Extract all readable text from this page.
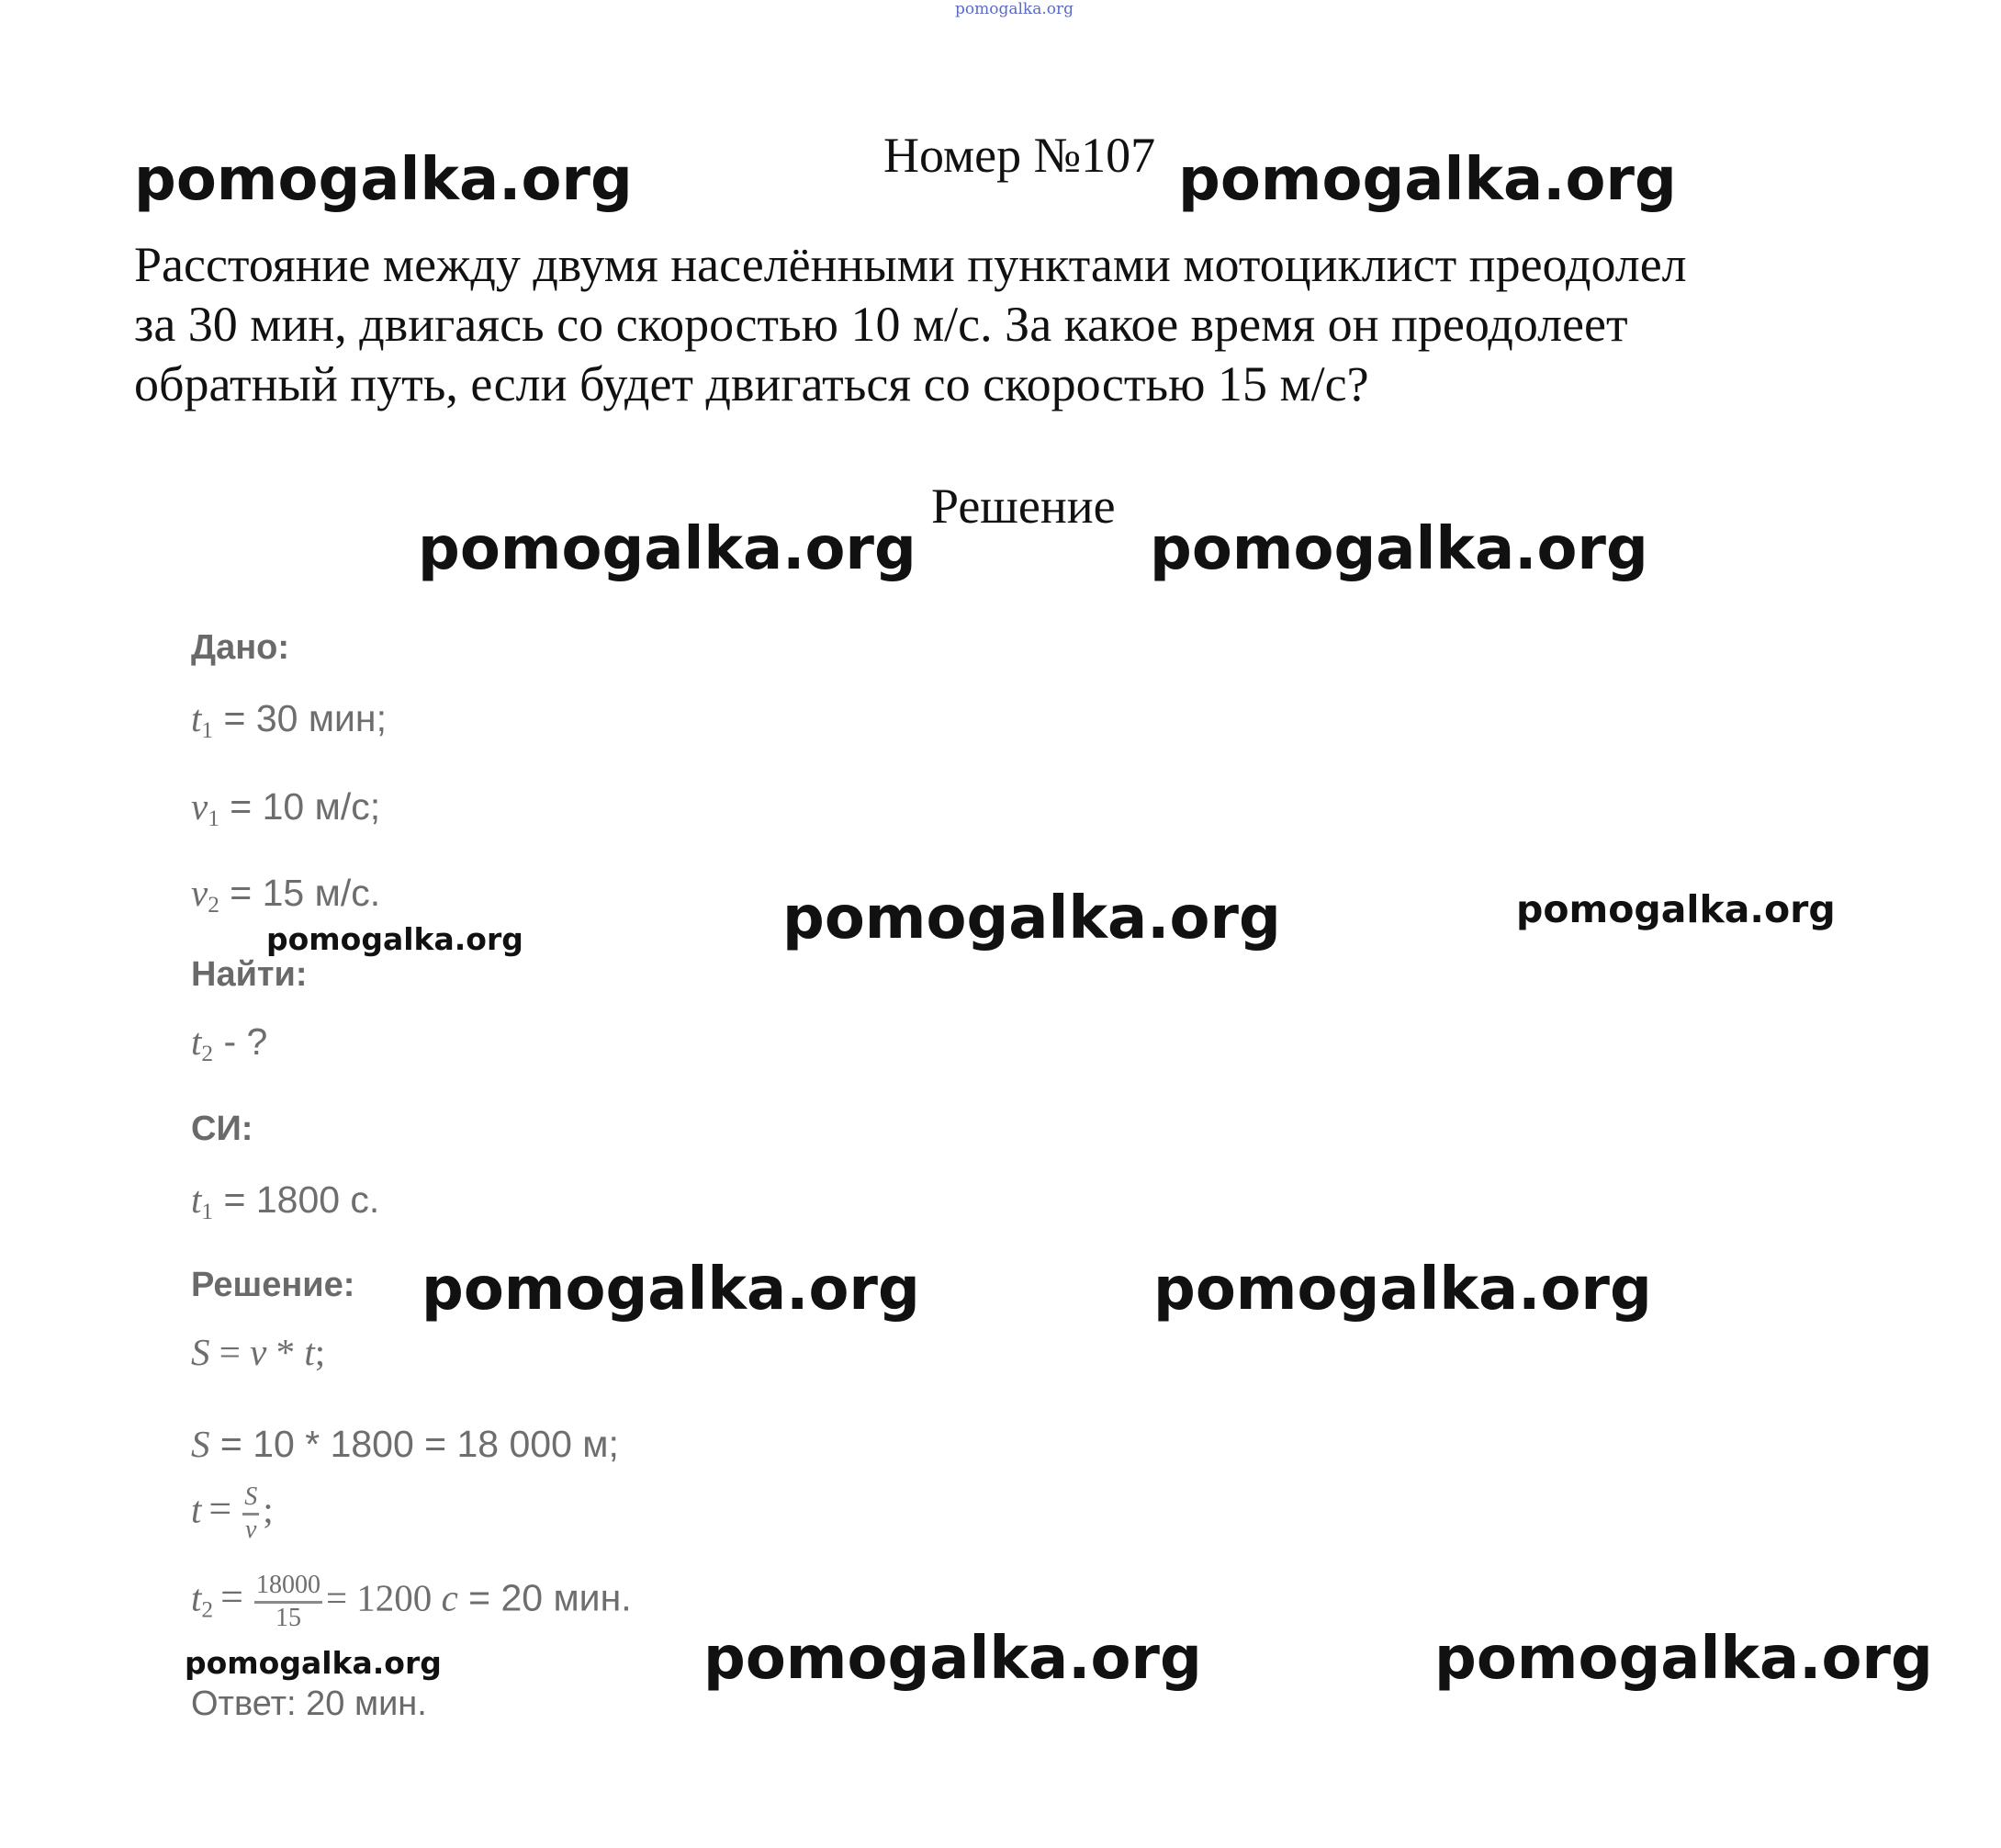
pomogalka.org
Номер №107
pomogalka.org	pomogalka.org
Расстояние между двумя населёнными пунктами мотоциклист преодолел
за 30 мин, двигаясь со скоростью 10 м/с. За какое время он преодолеет
обратный путь, если будет двигаться со скоростью 15 м/с?
Решение
pomogalka.org	pomogalka.org
Дано:
$t_1 = 30$ мин;
$v_1 = 10$ м/с;
$v_2 = 15$ м/с.
pomogalka.org	pomogalka.org	pomogalka.org
Найти:
$t_2$ - ?
СИ:
$t_1 = 1800$ с.
Решение: pomogalka.org	pomogalka.org
S = v * t;
S = 10 * 1800 = 18 000 м;
$t = \frac{S}{v}$ ;
$t_2 = \frac{18000}{15} = 1200$ c = 20 мин.
pomogalka.org	pomogalka.org	pomogalka.org
Ответ: 20 мин.
